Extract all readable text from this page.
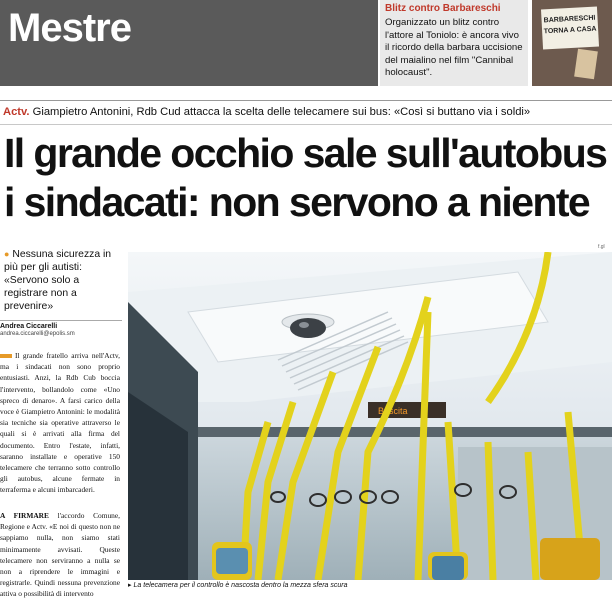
Mestre	Blitz contro Barbareschi
Organizzato un blitz contro l'attore al Toniolo: è ancora vivo il ricordo della barbara uccisione del maialino nel film "Cannibal holocaust".
BARBARESCHI TORNA A CASA
Actv. Giampietro Antonini, Rdb Cud attacca la scelta delle telecamere sui bus: «Così si buttano via i soldi»
Il grande occhio sale sull'autobus
i sindacati: non servono a niente
● Nessuna sicurezza in più per gli autisti: «Servono solo a registrare non a prevenire»
Andrea Ciccarelli
andrea.ciccarelli@epolis.sm
Il grande fratello arriva nell'Actv, ma i sindacati non sono proprio entusiasti. Anzi, la Rdb Cub boccia l'intervento, bollandolo come «Uno spreco di denaro». A farsi carico della voce è Giampietro Antonini: le modalità sia tecniche sia operative attraverso le quali si è arrivati alla firma del documento. Entro l'estate, infatti, saranno installate e operative 150 telecamere che terranno sotto controllo gli autobus, alcune fermate in terraferma e alcuni imbarcaderi.
A FIRMARE l'accordo Comune, Regione e Actv. «E noi di questo non ne sappiamo nulla, non siamo stati minimamente avvisati. Queste telecamere non serviranno a nulla se non a riprendere le immagini e registrarle. Quindi nessuna prevenzione attiva o possibilità di intervento
f.gl
Buscita
▸ La telecamera per il controllo è nascosta dentro la mezza sfera scura
